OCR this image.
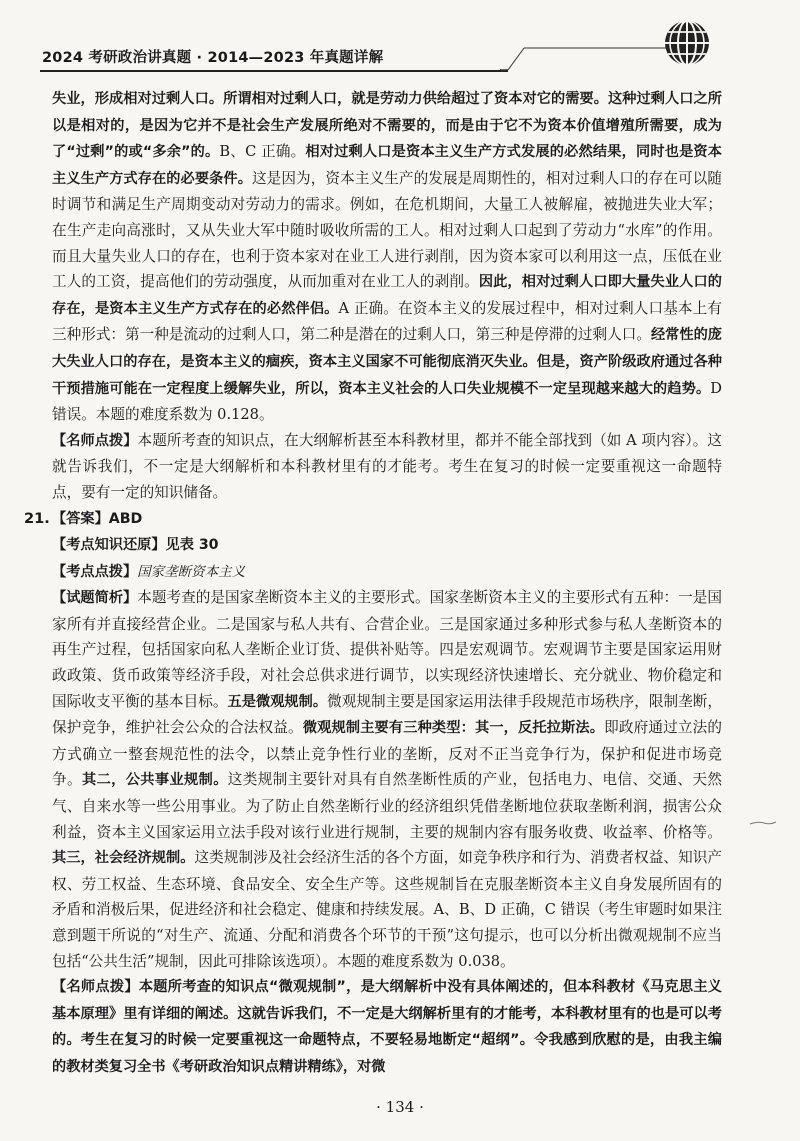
2024 考研政治讲真题 · 2014—2023 年真题详解

失业，形成相对过剩人口。所谓相对过剩人口，就是劳动力供给超过了资本对它的需要。这种过剩人口之所以是相对的，是因为它并不是社会生产发展所绝对不需要的，而是由于它不为资本价值增殖所需要，成为了“过剩”的或“多余”的。B、C 正确。相对过剩人口是资本主义生产方式发展的必然结果，同时也是资本主义生产方式存在的必要条件。这是因为，资本主义生产的发展是周期性的，相对过剩人口的存在可以随时调节和满足生产周期变动对劳动力的需求。例如，在危机期间，大量工人被解雇，被抛进失业大军；在生产走向高涨时，又从失业大军中随时吸收所需的工人。相对过剩人口起到了劳动力“水库”的作用。而且大量失业人口的存在，也利于资本家对在业工人进行剥削，因为资本家可以利用这一点，压低在业工人的工资，提高他们的劳动强度，从而加重对在业工人的剥削。因此，相对过剩人口即大量失业人口的存在，是资本主义生产方式存在的必然伴侣。A 正确。在资本主义的发展过程中，相对过剩人口基本上有三种形式：第一种是流动的过剩人口，第二种是潜在的过剩人口，第三种是停滞的过剩人口。经常性的庞大失业人口的存在，是资本主义的痼疾，资本主义国家不可能彻底消灭失业。但是，资产阶级政府通过各种干预措施可能在一定程度上缓解失业，所以，资本主义社会的人口失业规模不一定呈现越来越大的趋势。D 错误。本题的难度系数为 0.128。

【名师点拨】本题所考查的知识点，在大纲解析甚至本科教材里，都并不能全部找到（如 A 项内容）。这就告诉我们，不一定是大纲解析和本科教材里有的才能考。考生在复习的时候一定要重视这一命题特点，要有一定的知识储备。

21. 【答案】ABD

【考点知识还原】见表 30

【考点点拨】国家垄断资本主义

【试题简析】本题考查的是国家垄断资本主义的主要形式。国家垄断资本主义的主要形式有五种：一是国家所有并直接经营企业。二是国家与私人共有、合营企业。三是国家通过多种形式参与私人垄断资本的再生产过程，包括国家向私人垄断企业订货、提供补贴等。四是宏观调节。宏观调节主要是国家运用财政政策、货币政策等经济手段，对社会总供求进行调节，以实现经济快速增长、充分就业、物价稳定和国际收支平衡的基本目标。五是微观规制。微观规制主要是国家运用法律手段规范市场秩序，限制垄断，保护竞争，维护社会公众的合法权益。微观规制主要有三种类型：其一，反托拉斯法。即政府通过立法的方式确立一整套规范性的法令，以禁止竞争性行业的垄断，反对不正当竞争行为，保护和促进市场竞争。其二，公共事业规制。这类规制主要针对具有自然垄断性质的产业，包括电力、电信、交通、天然气、自来水等一些公用事业。为了防止自然垄断行业的经济组织凭借垄断地位获取垄断利润，损害公众利益，资本主义国家运用立法手段对该行业进行规制，主要的规制内容有服务收费、收益率、价格等。其三，社会经济规制。这类规制涉及社会经济生活的各个方面，如竞争秩序和行为、消费者权益、知识产权、劳工权益、生态环境、食品安全、安全生产等。这些规制旨在克服垄断资本主义自身发展所固有的矛盾和消极后果，促进经济和社会稳定、健康和持续发展。A、B、D 正确，C 错误（考生审题时如果注意到题干所说的“对生产、流通、分配和消费各个环节的干预”这句提示，也可以分析出微观规制不应当包括“公共生活”规制，因此可排除该选项）。本题的难度系数为 0.038。

【名师点拨】本题所考查的知识点“微观规制”，是大纲解析中没有具体阐述的，但本科教材《马克思主义基本原理》里有详细的阐述。这就告诉我们，不一定是大纲解析里有的才能考，本科教材里有的也是可以考的。考生在复习的时候一定要重视这一命题特点，不要轻易地断定“超纲”。令我感到欣慰的是，由我主编的教材类复习全书《考研政治知识点精讲精练》，对微

· 134 ·
